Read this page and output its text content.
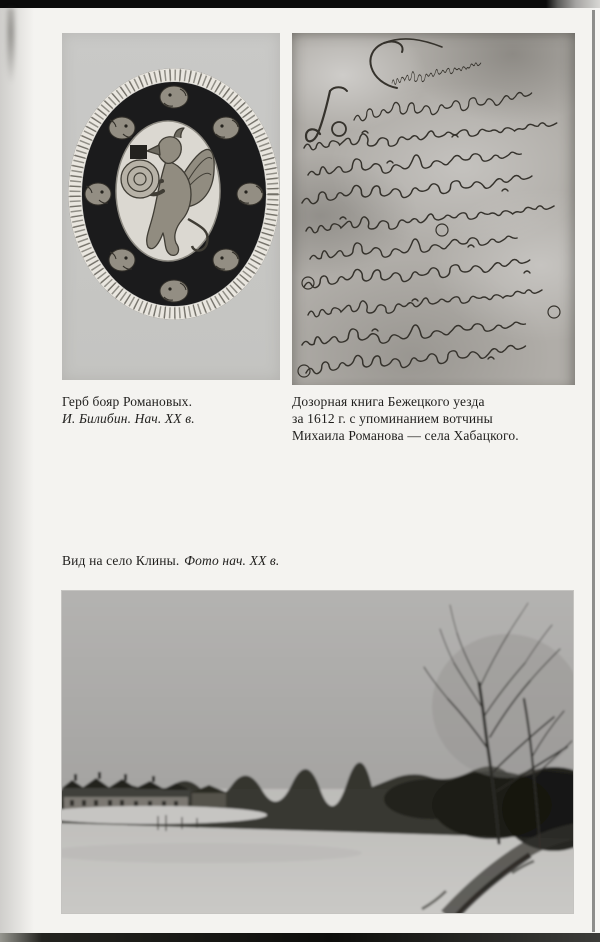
Герб бояр Романовых.
И. Билибин. Нач. XX в.
Дозорная книга Бежецкого уезда
за 1612 г. с упоминанием вотчины
Михаила Романова — села Хабацкого.
Вид на село Клины. Фото нач. XX в.
